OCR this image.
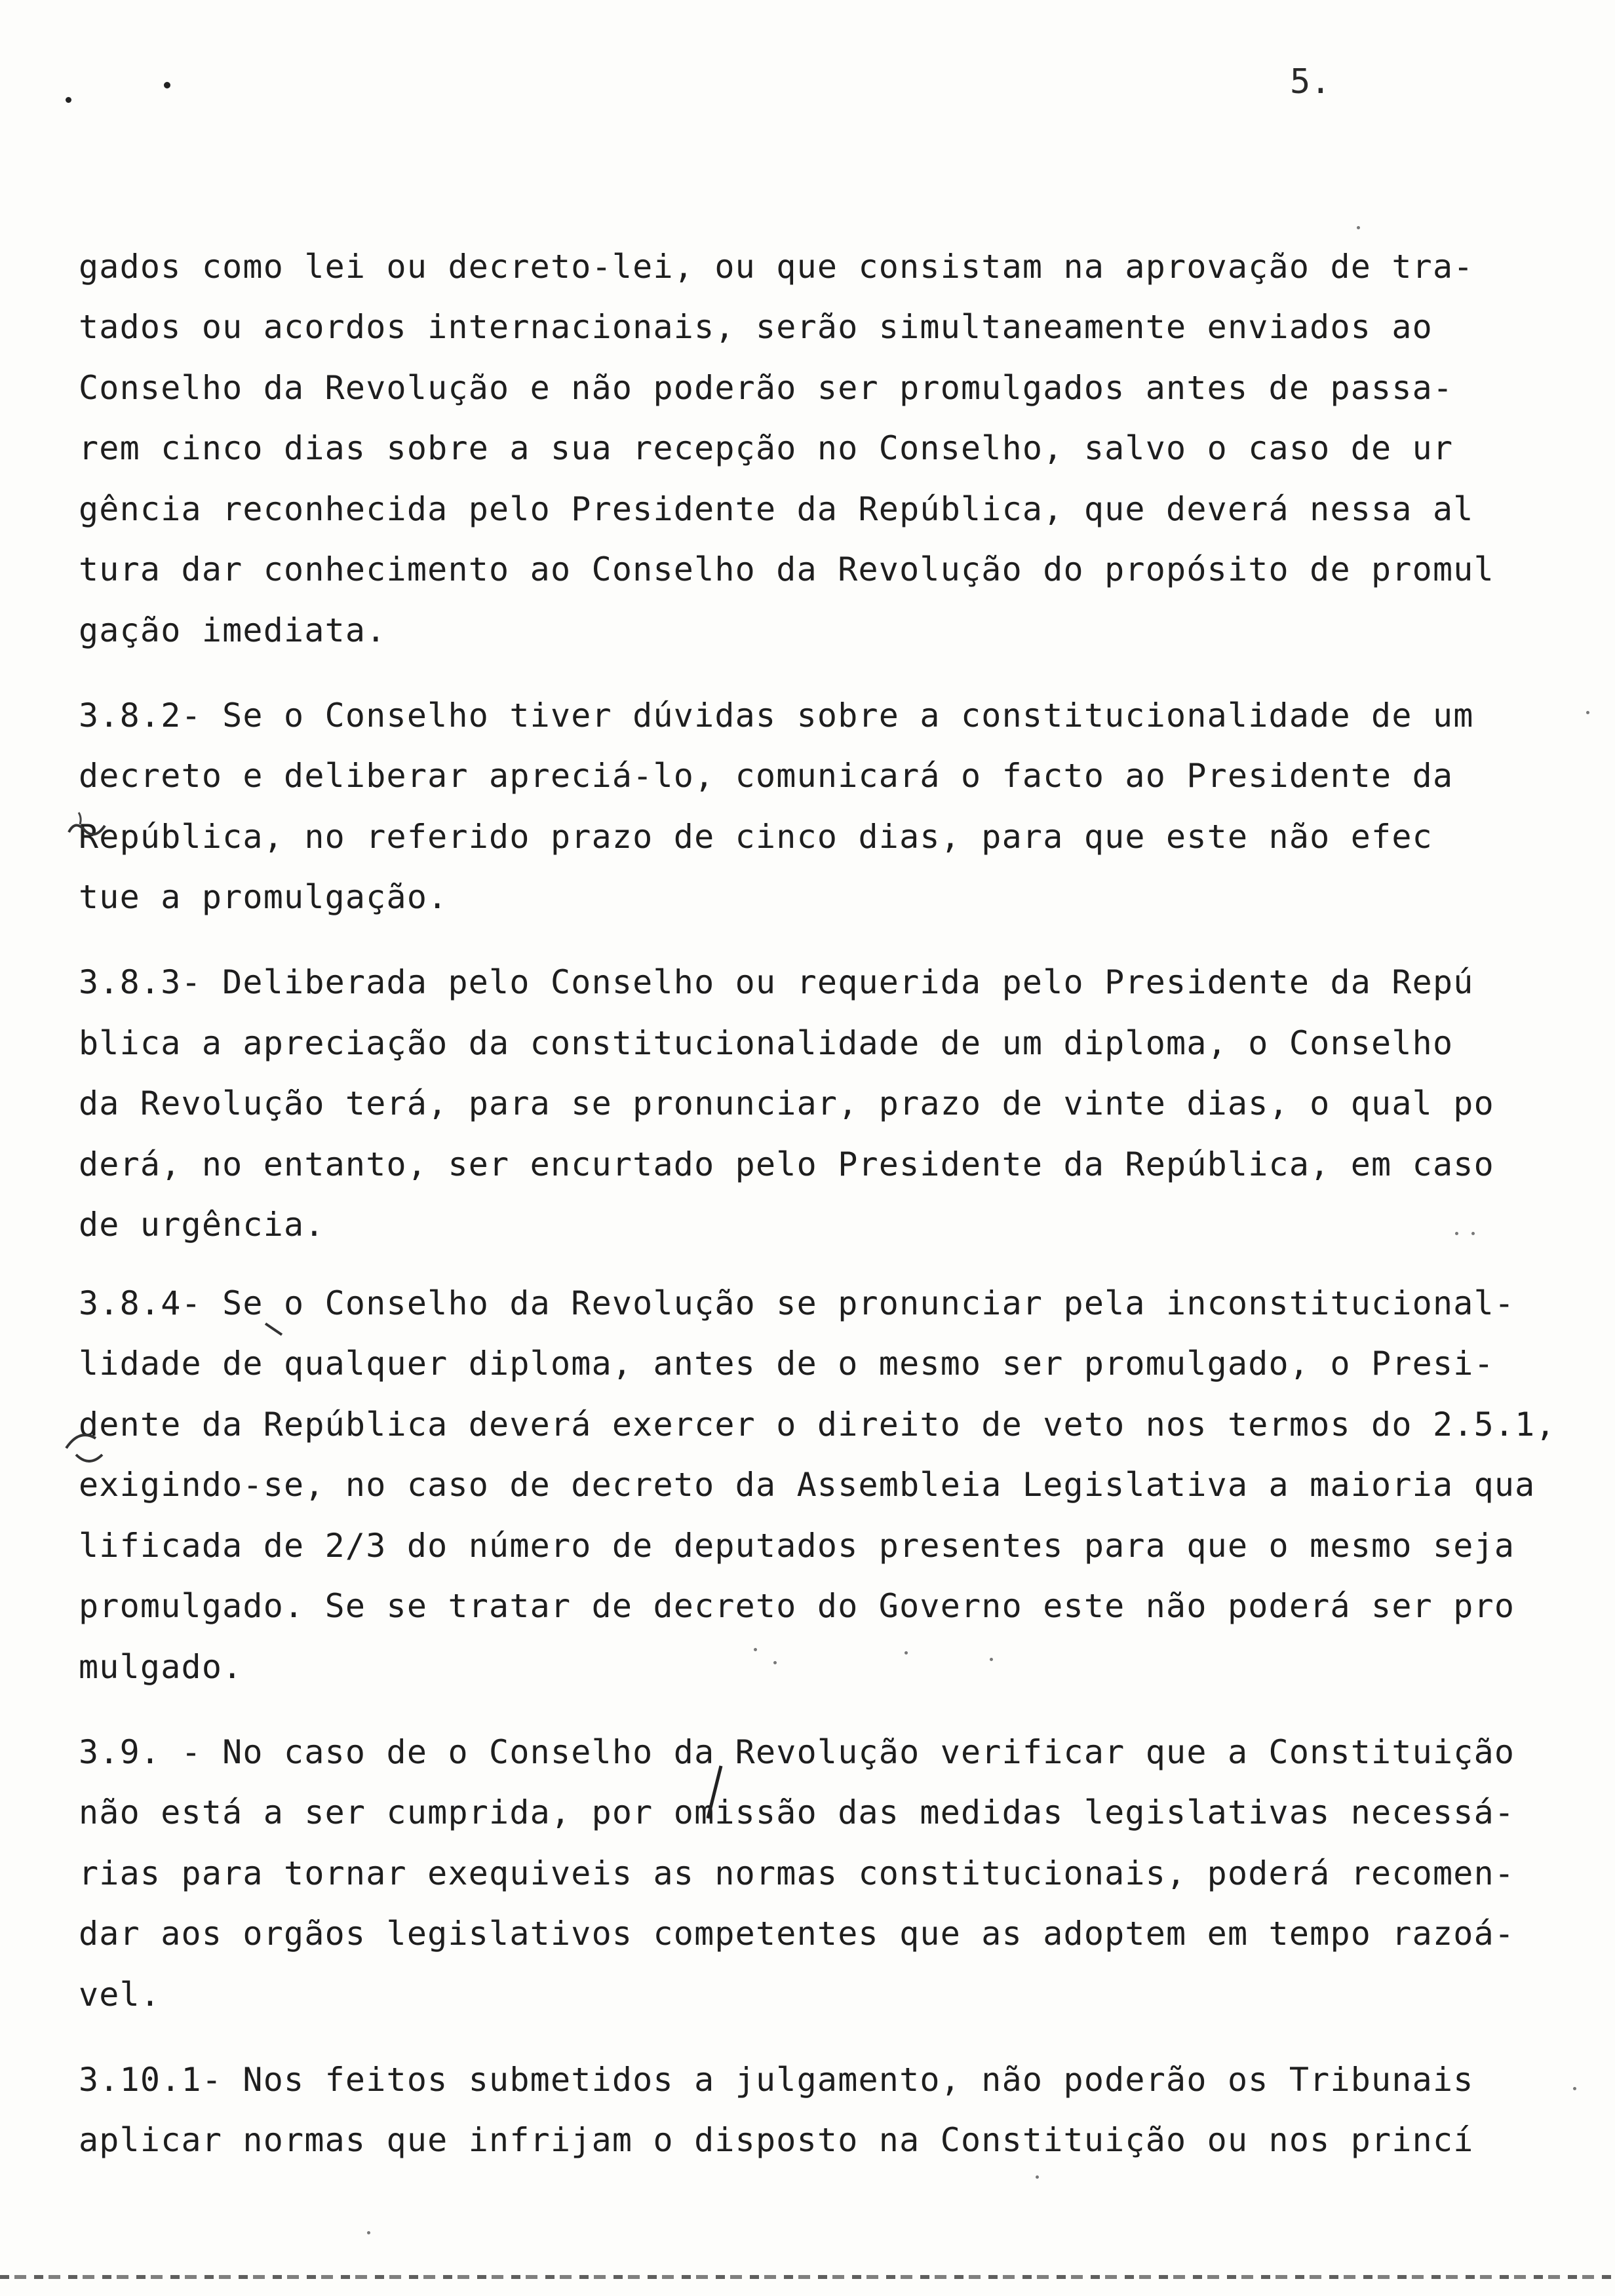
5.
gados como lei ou decreto-lei, ou que consistam na aprovação de tra-
tados ou acordos internacionais, serão simultaneamente enviados ao
Conselho da Revolução e não poderão ser promulgados antes de passa-
rem cinco dias sobre a sua recepção no Conselho, salvo o caso de ur
gência reconhecida pelo Presidente da República, que deverá nessa al
tura dar conhecimento ao Conselho da Revolução do propósito de promul
gação imediata.
3.8.2- Se o Conselho tiver dúvidas sobre a constitucionalidade de um
decreto e deliberar apreciá-lo, comunicará o facto ao Presidente da
República, no referido prazo de cinco dias, para que este não efec
tue a promulgação.
3.8.3- Deliberada pelo Conselho ou requerida pelo Presidente da Repú
blica a apreciação da constitucionalidade de um diploma, o Conselho
da Revolução terá, para se pronunciar, prazo de vinte dias, o qual po
derá, no entanto, ser encurtado pelo Presidente da República, em caso
de urgência.
3.8.4- Se o Conselho da Revolução se pronunciar pela inconstitucional-
lidade de qualquer diploma, antes de o mesmo ser promulgado, o Presi-
dente da República deverá exercer o direito de veto nos termos do 2.5.1,
exigindo-se, no caso de decreto da Assembleia Legislativa a maioria qua
lificada de 2/3 do número de deputados presentes para que o mesmo seja
promulgado. Se se tratar de decreto do Governo este não poderá ser pro
mulgado.
3.9. - No caso de o Conselho da Revolução verificar que a Constituição
não está a ser cumprida, por omissão das medidas legislativas necessá-
rias para tornar exequiveis as normas constitucionais, poderá recomen-
dar aos orgãos legislativos competentes que as adoptem em tempo razoá-
vel.
3.10.1- Nos feitos submetidos a julgamento, não poderão os Tribunais
aplicar normas que infrijam o disposto na Constituição ou nos princí
